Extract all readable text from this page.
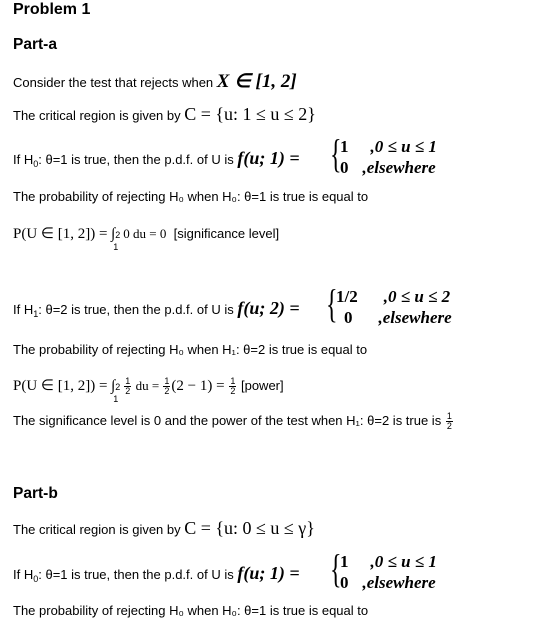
Problem 1
Part-a
Consider the test that rejects when X ∈ [1, 2]
The critical region is given by C = {u: 1 ≤ u ≤ 2}
If $H_0$: θ=1 is true, then the p.d.f. of U is f(u; 1) = {
1 ,0 ≤ u ≤ 1
0 ,elsewhere
The probability of rejecting H₀ when H₀: θ=1 is true is equal to
P(U ∈ [1, 2]) = ∫ 2
1
0 du = 0 [significance level]
If $H_1$: θ=2 is true, then the p.d.f. of U is f(u; 2) = {
1/2 ,0 ≤ u ≤ 2
0 ,elsewhere
The probability of rejecting H₀ when H₁: θ=2 is true is equal to
P(U ∈ [1, 2]) = ∫ 2
1
$\frac{1}{2}$ du = $\frac{1}{2} (2 - 1) = \frac{1}{2}$ [power]
The significance level is 0 and the power of the test when H₁: θ=2 is true is $\frac{1}{2}$
Part-b
The critical region is given by C = {u: 0 ≤ u ≤ γ}
If $H_0$: θ=1 is true, then the p.d.f. of U is f(u; 1) = {
1 ,0 ≤ u ≤ 1
0 ,elsewhere
The probability of rejecting H₀ when H₀: θ=1 is true is equal to
